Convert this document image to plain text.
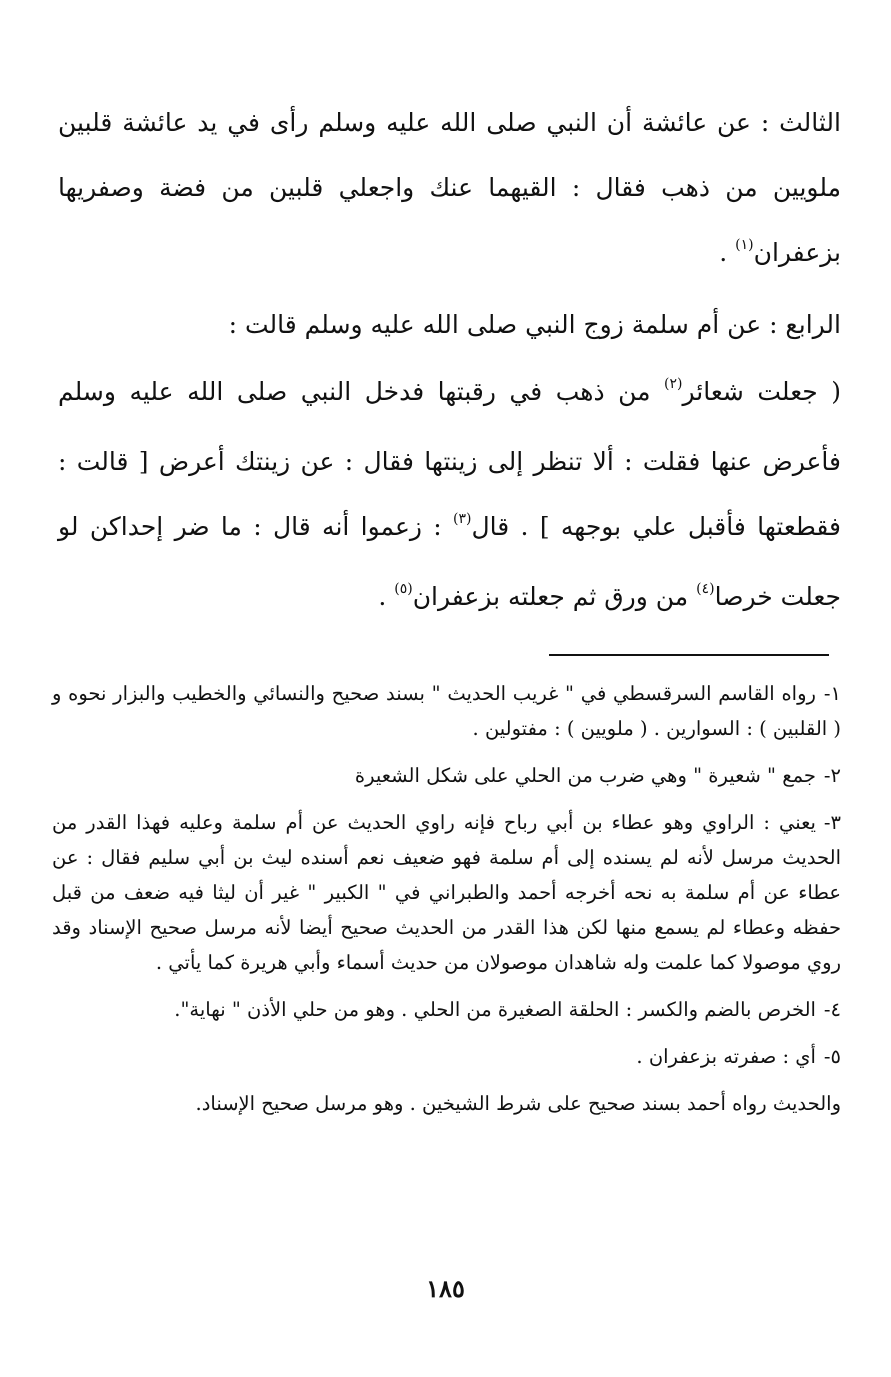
الثالث : عن عائشة أن النبي صلى الله عليه وسلم رأى في يد عائشة قلبين ملويين من ذهب فقال : القيهما عنك واجعلي قلبين من فضة وصفريها بزعفران$^{(١)}$ .

الرابع : عن أم سلمة زوج النبي صلى الله عليه وسلم قالت :

( جعلت شعائر$^{(٢)}$ من ذهب في رقبتها فدخل النبي صلى الله عليه وسلم فأعرض عنها فقلت : ألا تنظر إلى زينتها فقال : عن زينتك أعرض [ قالت : فقطعتها فأقبل علي بوجهه ] . قال$^{(٣)}$ : زعموا أنه قال : ما ضر إحداكن لو جعلت خرصا$^{(٤)}$ من ورق ثم جعلته بزعفران$^{(٥)}$ .

١-رواه القاسم السرقسطي في " غريب الحديث " بسند صحيح والنسائي والخطيب والبزار نحوه و ( القلبين ) : السوارين . ( ملويين ) : مفتولين .

٢-جمع " شعيرة " وهي ضرب من الحلي على شكل الشعيرة

٣-يعني : الراوي وهو عطاء بن أبي رباح فإنه راوي الحديث عن أم سلمة وعليه فهذا القدر من الحديث مرسل لأنه لم يسنده إلى أم سلمة فهو ضعيف نعم أسنده ليث بن أبي سليم فقال : عن عطاء عن أم سلمة به نحه أخرجه أحمد والطبراني في " الكبير " غير أن ليثا فيه ضعف من قبل حفظه وعطاء لم يسمع منها لكن هذا القدر من الحديث صحيح أيضا لأنه مرسل صحيح الإسناد وقد روي موصولا كما علمت وله شاهدان موصولان من حديث أسماء وأبي هريرة كما يأتي .

٤-الخرص بالضم والكسر : الحلقة الصغيرة من الحلي . وهو من حلي الأذن " نهاية".

٥-أي : صفرته بزعفران .

والحديث رواه أحمد بسند صحيح على شرط الشيخين . وهو مرسل صحيح الإسناد.

١٨٥
